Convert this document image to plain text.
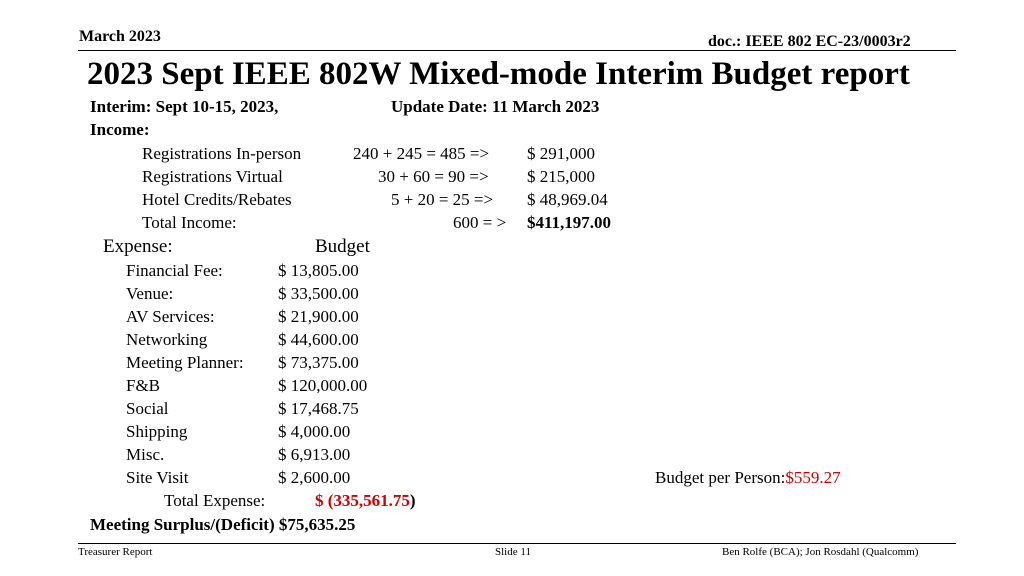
March 2023	doc.: IEEE 802 EC-23/0003r2
2023 Sept IEEE 802W Mixed-mode Interim Budget report
Interim: Sept 10-15, 2023,	Update Date: 11 March 2023
Income:
Registrations In-person	240 + 245 = 485 => $ 291,000
Registrations Virtual	30 + 60 = 90 => $ 215,000
Hotel Credits/Rebates	5 + 20 = 25 => $ 48,969.04
Total Income:	600 = > $411,197.00
Expense:	Budget
Financial Fee:	$ 13,805.00
Venue:	$ 33,500.00
AV Services:	$ 21,900.00
Networking	$ 44,600.00
Meeting Planner: $ 73,375.00
F&B	$ 120,000.00
Social	$ 17,468.75
Shipping	$ 4,000.00
Misc.	$ 6,913.00
Site Visit	$ 2,600.00	Budget per Person:$559.27
Total Expense:	$ (335,561.75)
Meeting Surplus/(Deficit) $75,635.25
Treasurer Report	Slide 11	Ben Rolfe (BCA); Jon Rosdahl (Qualcomm)
